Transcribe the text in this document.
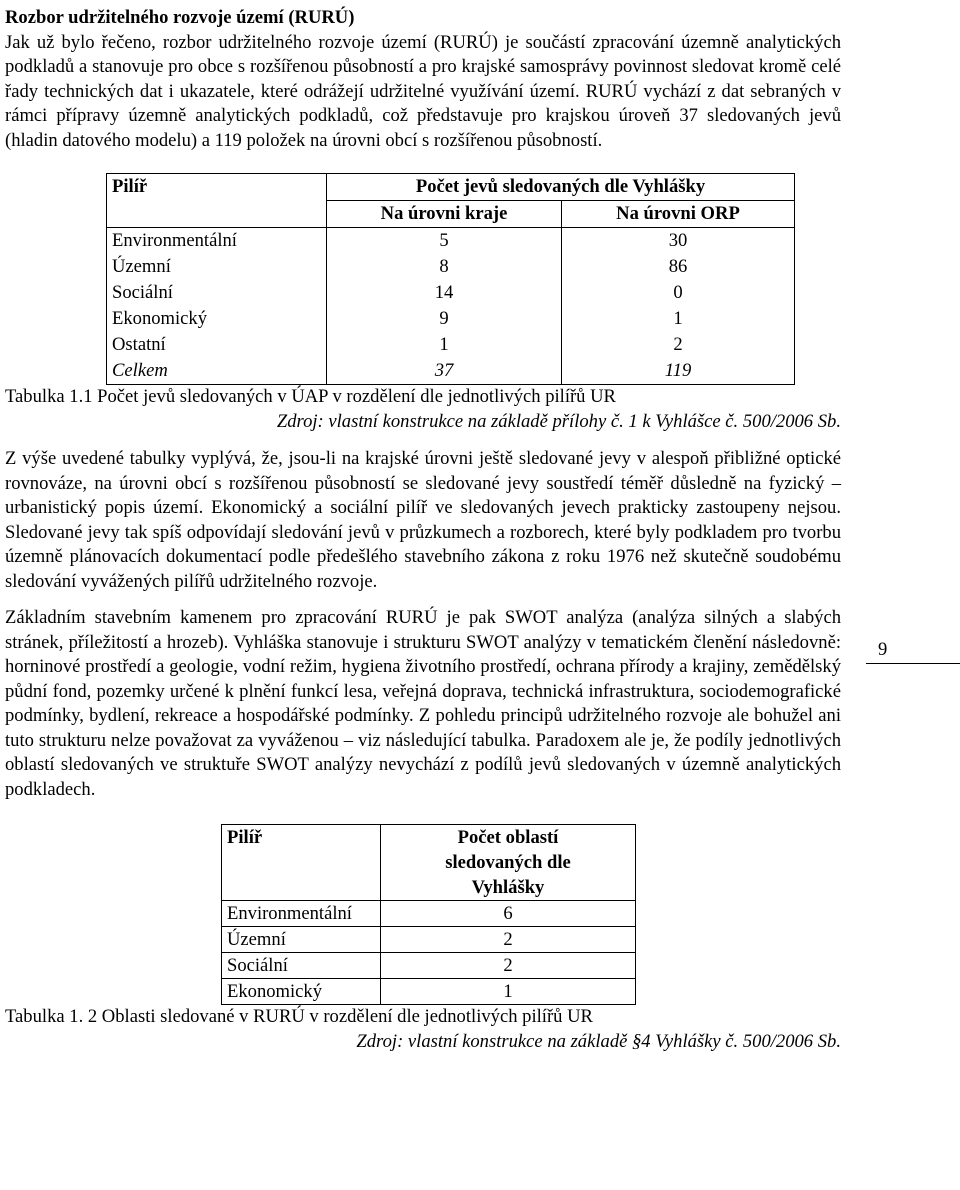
Rozbor udržitelného rozvoje území (RURÚ)

Jak už bylo řečeno, rozbor udržitelného rozvoje území (RURÚ) je součástí zpracování územně analytických podkladů a stanovuje pro obce s rozšířenou působností a pro krajské samosprávy povinnost sledovat kromě celé řady technických dat i ukazatele, které odrážejí udržitelné využívání území. RURÚ vychází z dat sebraných v rámci přípravy územně analytických podkladů, což představuje pro krajskou úroveň 37 sledovaných jevů (hladin datového modelu) a 119 položek na úrovni obcí s rozšířenou působností.

Pilíř	Počet jevů sledovaných dle Vyhlášky	
	Na úrovni kraje	Na úrovni ORP
Environmentální	5	30
Územní	8	86
Sociální	14	0
Ekonomický	9	1
Ostatní	1	2
Celkem	37	119

Tabulka 1.1 Počet jevů sledovaných v ÚAP v rozdělení dle jednotlivých pilířů UR

Zdroj: vlastní konstrukce na základě přílohy č. 1 k Vyhlášce č. 500/2006 Sb.

Z výše uvedené tabulky vyplývá, že, jsou-li na krajské úrovni ještě sledované jevy v alespoň přibližné optické rovnováze, na úrovni obcí s rozšířenou působností se sledované jevy soustředí téměř důsledně na fyzický – urbanistický popis území. Ekonomický a sociální pilíř ve sledovaných jevech prakticky zastoupeny nejsou. Sledované jevy tak spíš odpovídají sledování jevů v průzkumech a rozborech, které byly podkladem pro tvorbu územně plánovacích dokumentací podle předešlého stavebního zákona z roku 1976 než skutečně soudobému sledování vyvážených pilířů udržitelného rozvoje.

Základním stavebním kamenem pro zpracování RURÚ je pak SWOT analýza (analýza silných a slabých stránek, příležitostí a hrozeb). Vyhláška stanovuje i strukturu SWOT analýzy v tematickém členění následovně: horninové prostředí a geologie, vodní režim, hygiena životního prostředí, ochrana přírody a krajiny, zemědělský půdní fond, pozemky určené k plnění funkcí lesa, veřejná doprava, technická infrastruktura, sociodemografické podmínky, bydlení, rekreace a hospodářské podmínky. Z pohledu principů udržitelného rozvoje ale bohužel ani tuto strukturu nelze považovat za vyváženou – viz následující tabulka. Paradoxem ale je, že podíly jednotlivých oblastí sledovaných ve struktuře SWOT analýzy nevychází z podílů jevů sledovaných v územně analytických podkladech.

Pilíř	Počet oblastí
sledovaných dle
Vyhlášky

Environmentální	6
Územní	2
Sociální	2
Ekonomický	1

Tabulka 1. 2 Oblasti sledované v RURÚ v rozdělení dle jednotlivých pilířů UR

Zdroj: vlastní konstrukce na základě §4 Vyhlášky č. 500/2006 Sb.

9
